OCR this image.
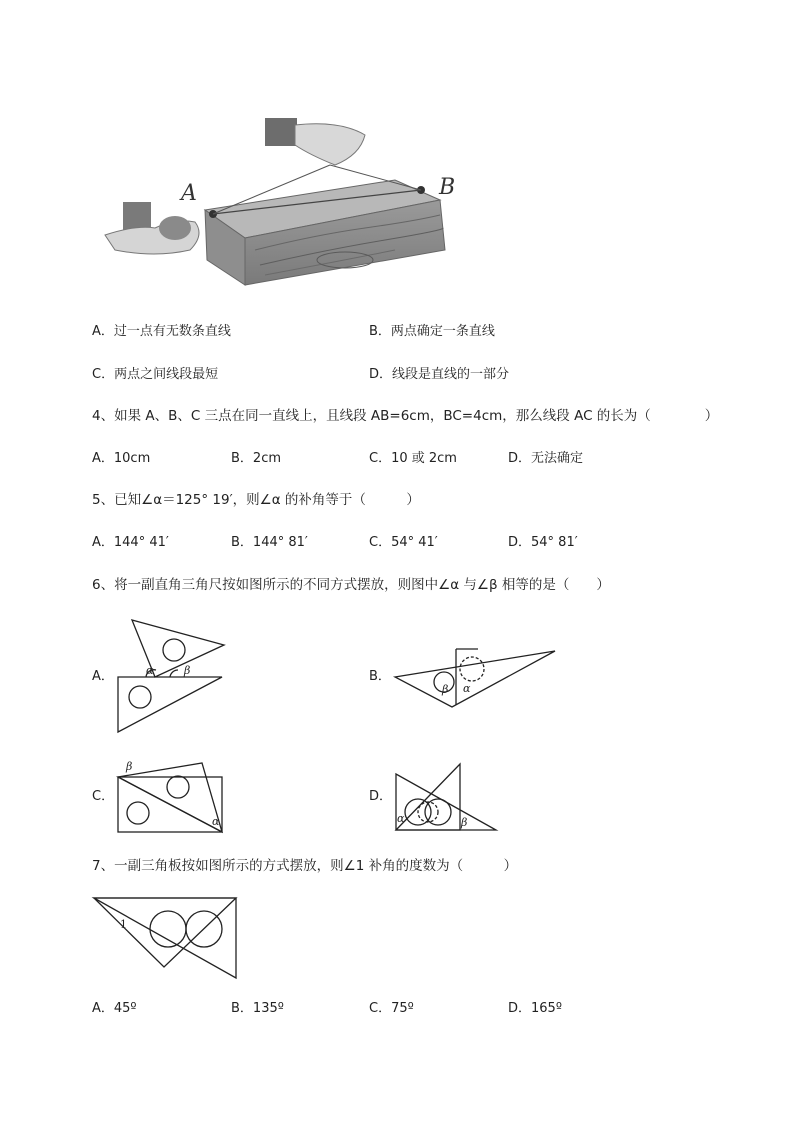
A	B
A．过一点有无数条直线	B．两点确定一条直线
C．两点之间线段最短	D．线段是直线的一部分
4、如果 A、B、C 三点在同一直线上，且线段 AB=6cm，BC=4cm，那么线段 AC 的长为（　　　　）
A．10cm	B．2cm	C．10 或 2cm	D．无法确定
5、已知∠α＝125° 19′，则∠α 的补角等于（　　　）
A．144° 41′	B．144° 81′	C．54° 41′	D．54° 81′
6、将一副直角三角尺按如图所示的不同方式摆放，则图中∠α 与∠β 相等的是（　　）
A．	α	β	B．
β α
C．
β
α
D．
α	β
7、一副三角板按如图所示的方式摆放，则∠1 补角的度数为（　　　）
1
A．45º	B．135º	C．75º	D．165º
